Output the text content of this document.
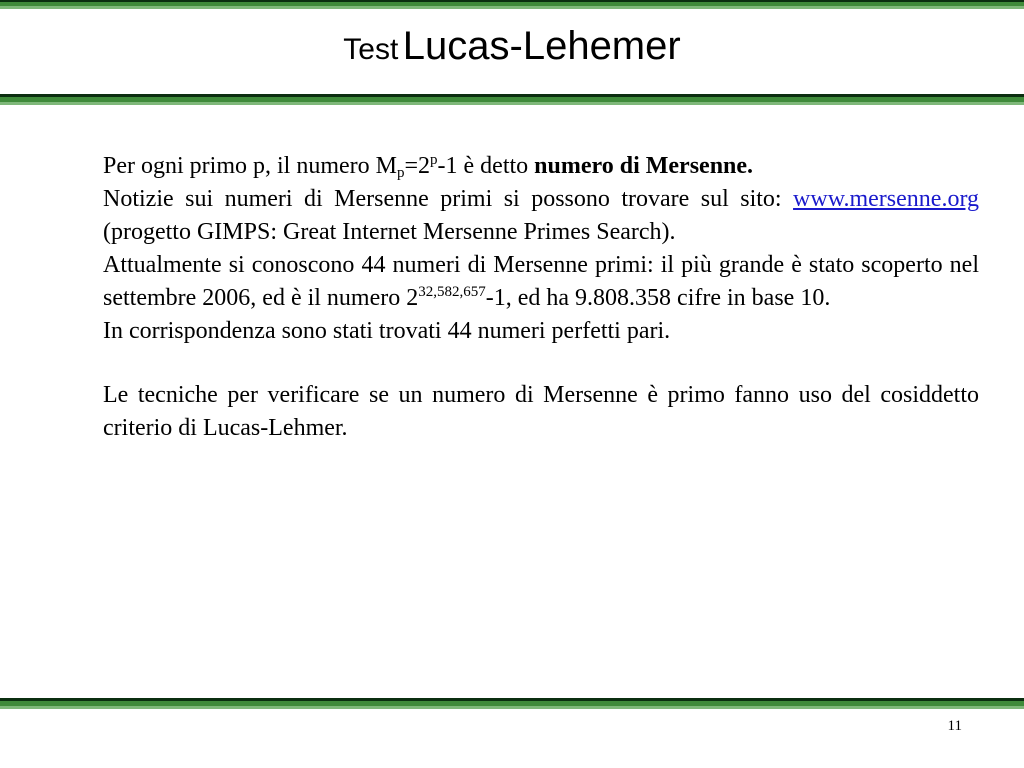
Test Lucas-Lehemer

Per ogni primo p, il numero $M_p=2^p-1$ è detto numero di Mersenne.

Notizie sui numeri di Mersenne primi si possono trovare sul sito: www.mersenne.org (progetto GIMPS: Great Internet Mersenne Primes Search).

Attualmente si conoscono 44 numeri di Mersenne primi: il più grande è stato scoperto nel settembre 2006, ed è il numero 2$^{32,582,657}$-1, ed ha 9.808.358 cifre in base 10.

In corrispondenza sono stati trovati 44 numeri perfetti pari.

Le tecniche per verificare se un numero di Mersenne è primo fanno uso del cosiddetto criterio di Lucas-Lehmer.

11
